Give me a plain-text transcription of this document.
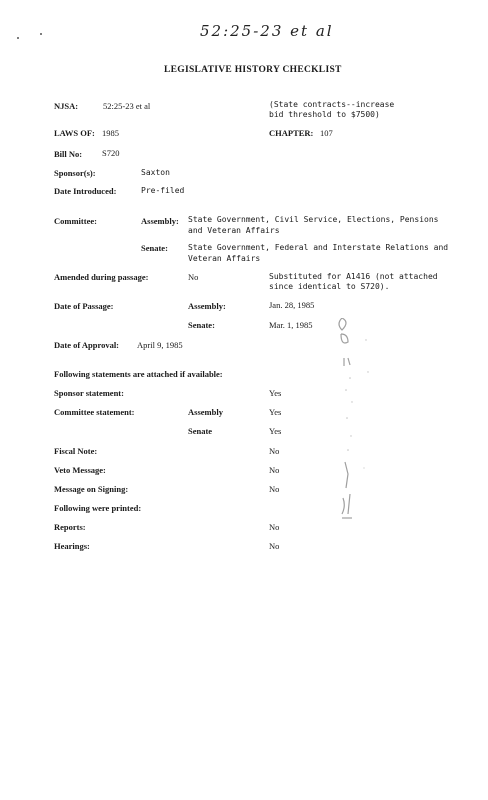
52:25-23 et al
LEGISLATIVE HISTORY CHECKLIST
NJSA:	52:25-23 et al	(State contracts--increase
bid threshold to $7500)
LAWS OF: 1985	CHAPTER: 107
Bill No: S720
Sponsor(s):	Saxton
Date Introduced:	Pre-filed
Committee:	Assembly: State Government, Civil Service, Elections, Pensions
and Veteran Affairs
Senate:	State Government, Federal and Interstate Relations and
Veteran Affairs
Amended during passage:	No	Substituted for A1416 (not attached
since identical to S720).
Date of Passage:	Assembly:	Jan. 28, 1985
Senate:	Mar. 1, 1985
Date of Approval: April 9, 1985
Following statements are attached if available:
Sponsor statement:	Yes
Committee statement:	Assembly	Yes
Senate	Yes
Fiscal Note:	No
Veto Message:	No
Message on Signing:	No
Following were printed:
Reports:	No
Hearings:	No
